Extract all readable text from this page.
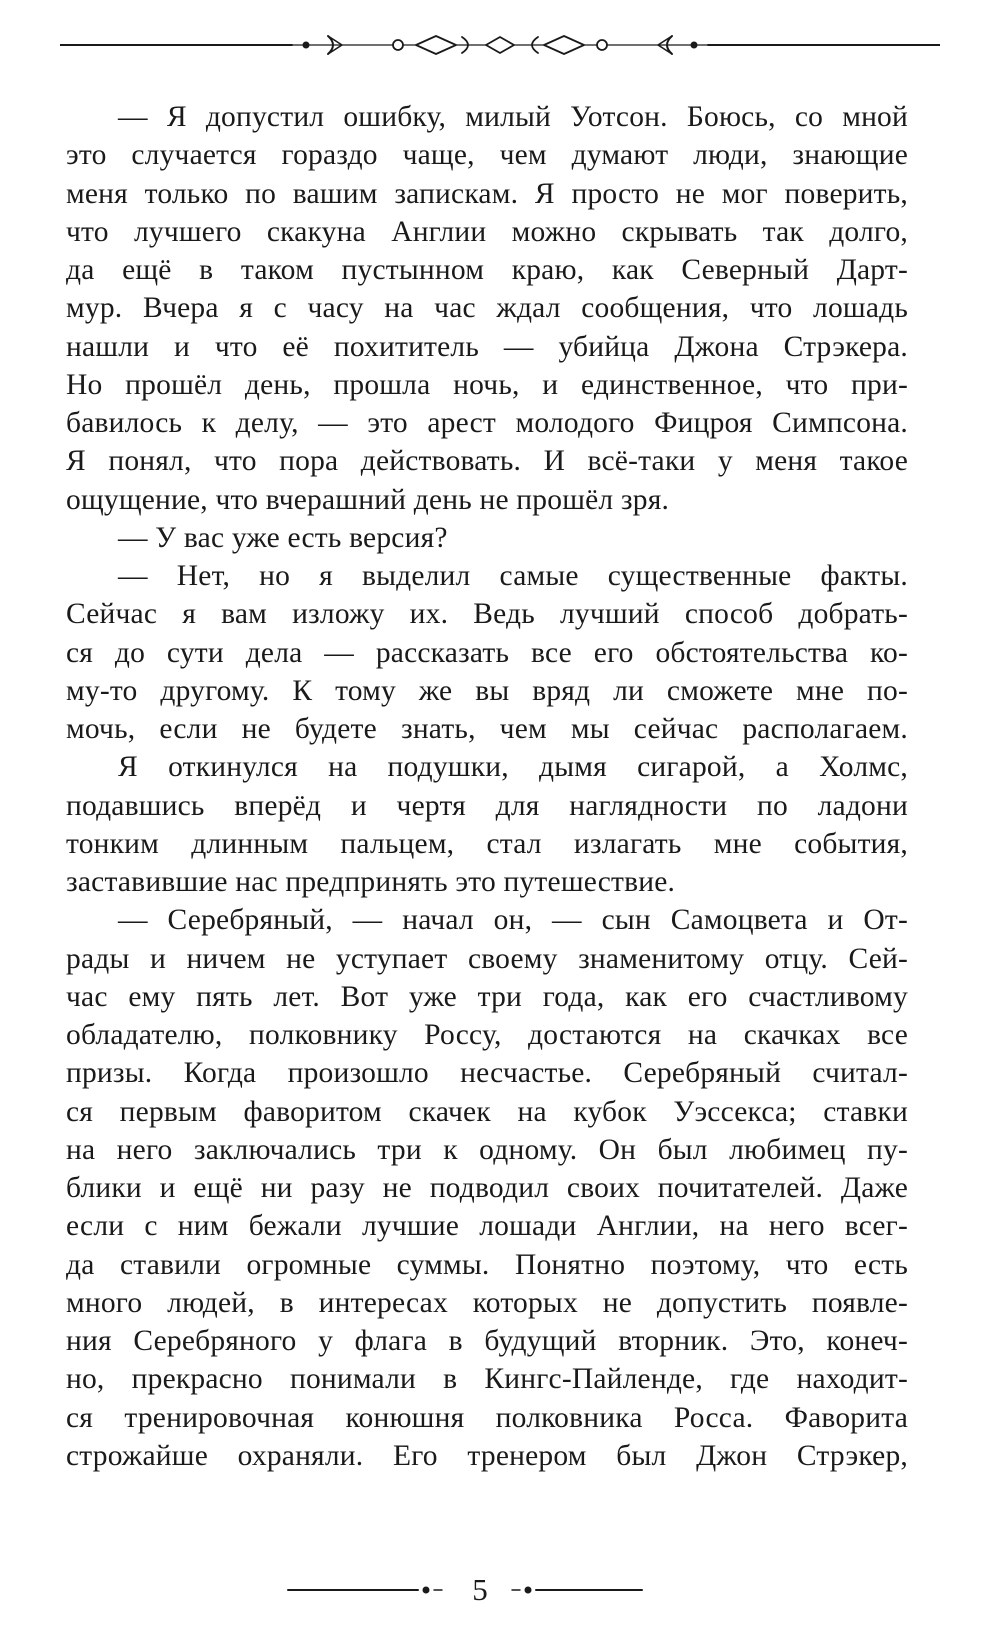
— Я допустил ошибку, милый Уотсон. Боюсь, со мной
это случается гораздо чаще, чем думают люди, знающие
меня только по вашим запискам. Я просто не мог поверить,
что лучшего скакуна Англии можно скрывать так долго,
да ещё в таком пустынном краю, как Северный Дарт-
мур. Вчера я с часу на час ждал сообщения, что лошадь
нашли и что её похититель — убийца Джона Стрэкера.
Но прошёл день, прошла ночь, и единственное, что при-
бавилось к делу, — это арест молодого Фицроя Симпсона.
Я понял, что пора действовать. И всё-таки у меня такое
ощущение, что вчерашний день не прошёл зря.
— У вас уже есть версия?
— Нет, но я выделил самые существенные факты.
Сейчас я вам изложу их. Ведь лучший способ добрать-
ся до сути дела — рассказать все его обстоятельства ко-
му-то другому. К тому же вы вряд ли сможете мне по-
мочь, если не будете знать, чем мы сейчас располагаем.
Я откинулся на подушки, дымя сигарой, а Холмс,
подавшись вперёд и чертя для наглядности по ладони
тонким длинным пальцем, стал излагать мне события,
заставившие нас предпринять это путешествие.
— Серебряный, — начал он, — сын Самоцвета и От-
рады и ничем не уступает своему знаменитому отцу. Сей-
час ему пять лет. Вот уже три года, как его счастливому
обладателю, полковнику Россу, достаются на скачках все
призы. Когда произошло несчастье. Серебряный считал-
ся первым фаворитом скачек на кубок Уэссекса; ставки
на него заключались три к одному. Он был любимец пу-
блики и ещё ни разу не подводил своих почитателей. Даже
если с ним бежали лучшие лошади Англии, на него всег-
да ставили огромные суммы. Понятно поэтому, что есть
много людей, в интересах которых не допустить появле-
ния Серебряного у флага в будущий вторник. Это, конеч-
но, прекрасно понимали в Кингс-Пайленде, где находит-
ся тренировочная конюшня полковника Росса. Фаворита
строжайше охраняли. Его тренером был Джон Стрэкер,
5
